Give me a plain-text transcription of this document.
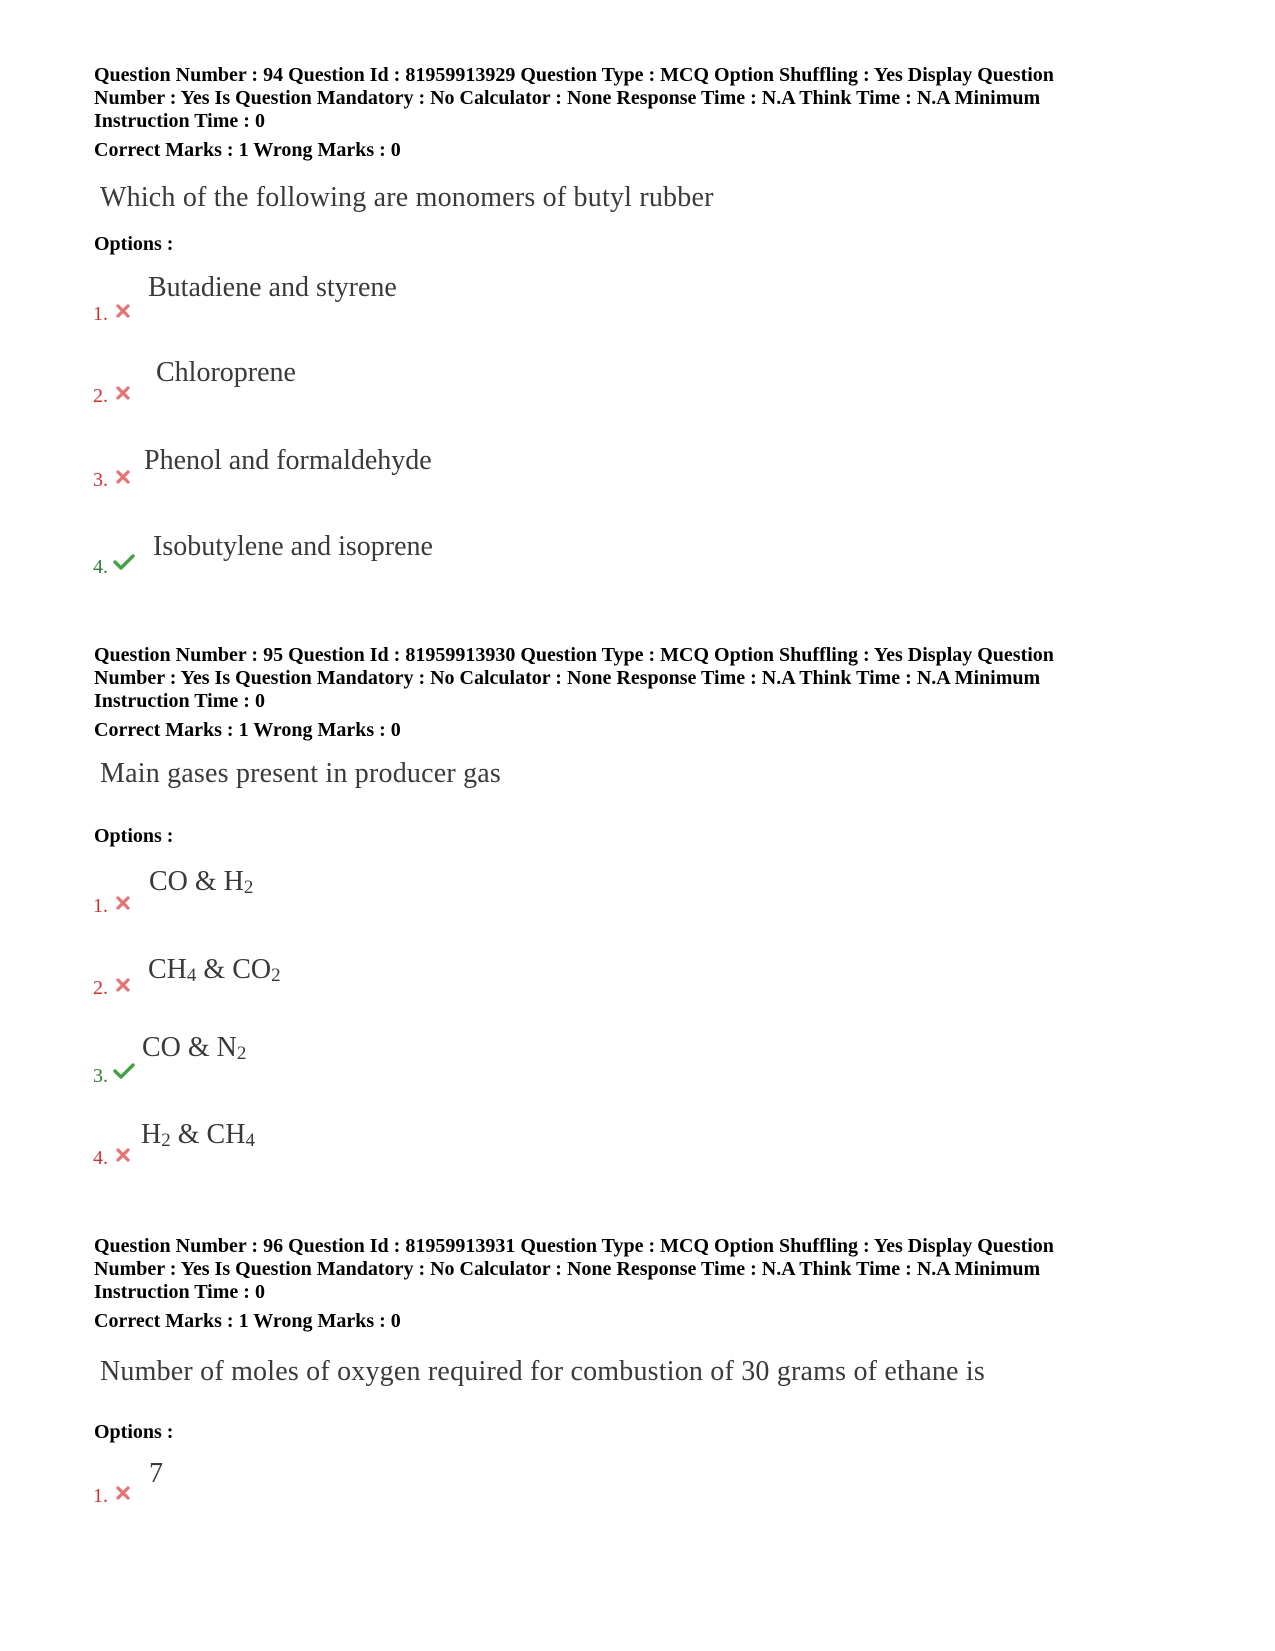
Question Number : 94 Question Id : 81959913929 Question Type : MCQ Option Shuffling : Yes Display Question
Number : Yes Is Question Mandatory : No Calculator : None Response Time : N.A Think Time : N.A Minimum
Instruction Time : 0
Correct Marks : 1 Wrong Marks : 0
Which of the following are monomers of butyl rubber
Options :
1.
Butadiene and styrene
2.
Chloroprene
3.
Phenol and formaldehyde
4.
Isobutylene and isoprene
Question Number : 95 Question Id : 81959913930 Question Type : MCQ Option Shuffling : Yes Display Question
Number : Yes Is Question Mandatory : No Calculator : None Response Time : N.A Think Time : N.A Minimum
Instruction Time : 0
Correct Marks : 1 Wrong Marks : 0
Main gases present in producer gas
Options :
1.
CO & $H_2$
2.
$CH_4$ & $CO_2$
3.
CO & $N_2$
4.
$H_2$ & $CH_4$
Question Number : 96 Question Id : 81959913931 Question Type : MCQ Option Shuffling : Yes Display Question
Number : Yes Is Question Mandatory : No Calculator : None Response Time : N.A Think Time : N.A Minimum
Instruction Time : 0
Correct Marks : 1 Wrong Marks : 0
Number of moles of oxygen required for combustion of 30 grams of ethane is
Options :
1.
7
